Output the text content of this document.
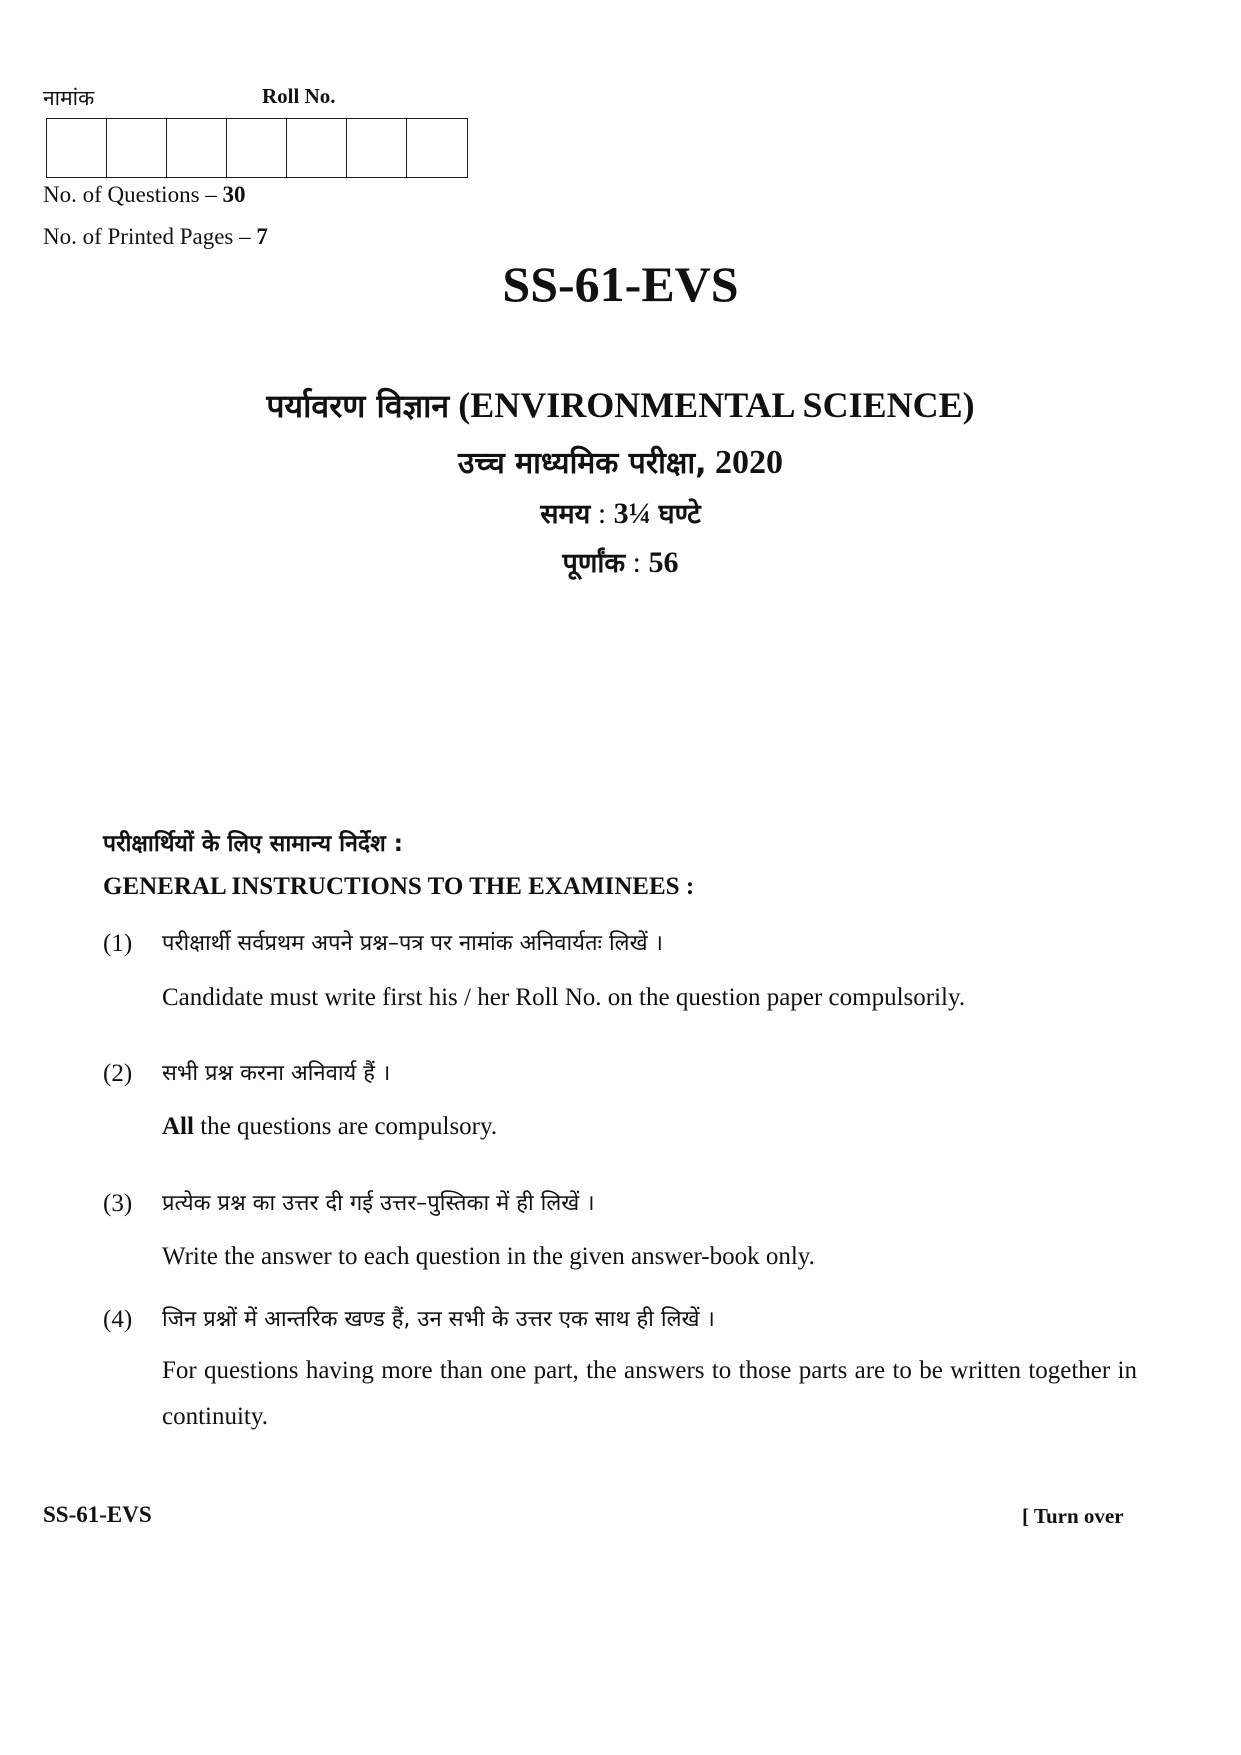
नामांक	Roll No.
No. of Questions – 30
No. of Printed Pages – 7
SS-61-EVS
पर्यावरण विज्ञान (ENVIRONMENTAL SCIENCE)
उच्च माध्यमिक परीक्षा, 2020
समय : 3¼ घण्टे
पूर्णांक : 56
परीक्षार्थियों के लिए सामान्य निर्देश :
GENERAL INSTRUCTIONS TO THE EXAMINEES :
(1) परीक्षार्थी सर्वप्रथम अपने प्रश्न–पत्र पर नामांक अनिवार्यतः लिखें ।
Candidate must write first his / her Roll No. on the question paper compulsorily.
(2) सभी प्रश्न करना अनिवार्य हैं ।
All the questions are compulsory.
(3) प्रत्येक प्रश्न का उत्तर दी गई उत्तर–पुस्तिका में ही लिखें ।
Write the answer to each question in the given answer-book only.
(4) जिन प्रश्नों में आन्तरिक खण्ड हैं, उन सभी के उत्तर एक साथ ही लिखें ।
For questions having more than one part, the answers to those parts are to be written together in continuity.
SS-61-EVS	[ Turn over
